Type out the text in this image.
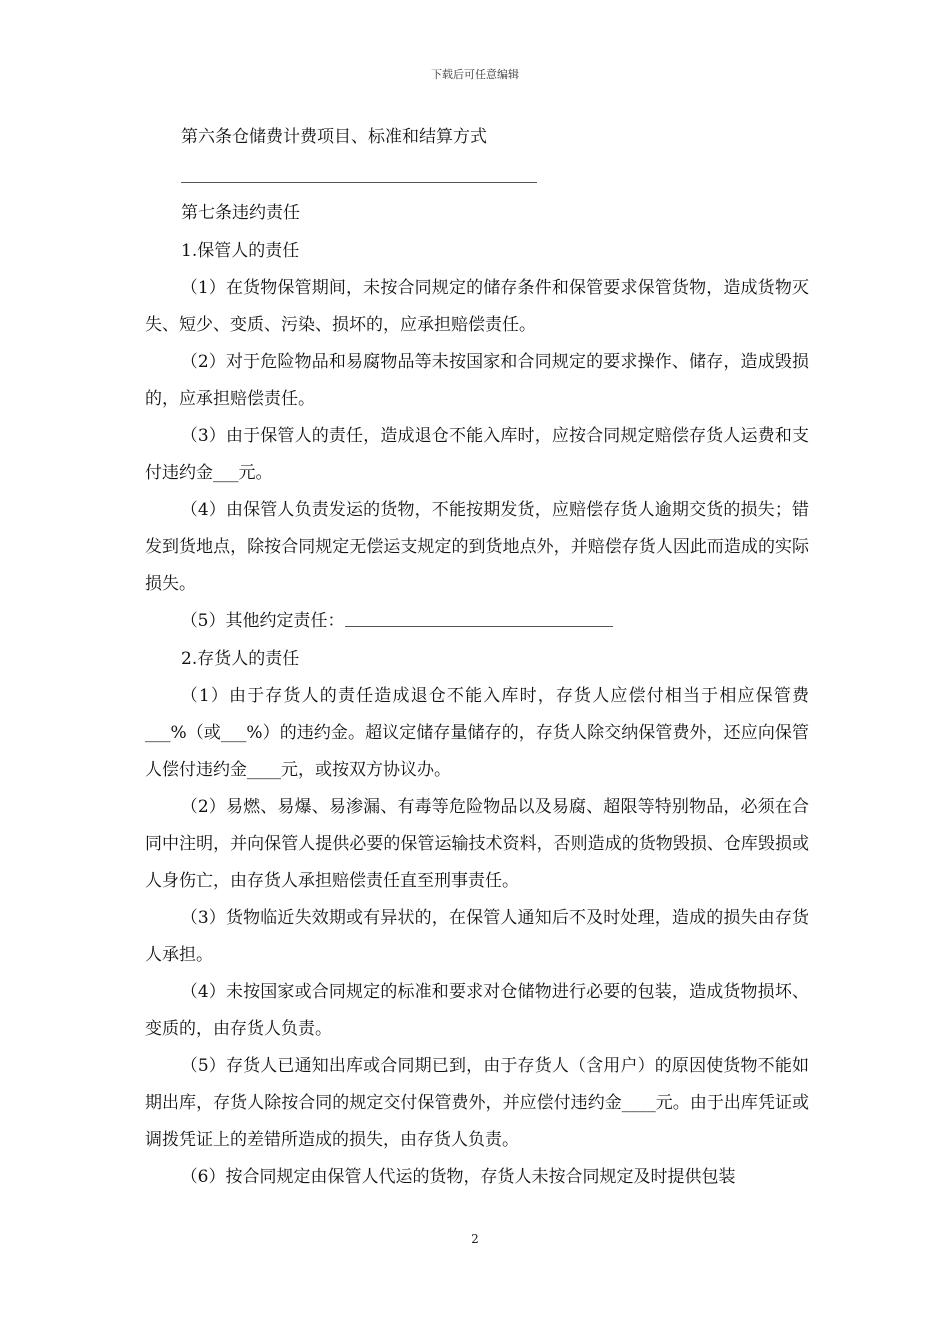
下载后可任意编辑
第六条仓储费计费项目、标准和结算方式
第七条违约责任
1.保管人的责任

（1）在货物保管期间，未按合同规定的储存条件和保管要求保管货物，造成货物灭失、短少、变质、污染、损坏的，应承担赔偿责任。

（2）对于危险物品和易腐物品等未按国家和合同规定的要求操作、储存，造成毁损的，应承担赔偿责任。

（3）由于保管人的责任，造成退仓不能入库时，应按合同规定赔偿存货人运费和支付违约金___元。

（4）由保管人负责发运的货物，不能按期发货，应赔偿存货人逾期交货的损失；错发到货地点，除按合同规定无偿运支规定的到货地点外，并赔偿存货人因此而造成的实际损失。

（5）其他约定责任：

2.存货人的责任

（1）由于存货人的责任造成退仓不能入库时，存货人应偿付相当于相应保管费___%（或___%）的违约金。超议定储存量储存的，存货人除交纳保管费外，还应向保管人偿付违约金____元，或按双方协议办。

（2）易燃、易爆、易渗漏、有毒等危险物品以及易腐、超限等特别物品，必须在合同中注明，并向保管人提供必要的保管运输技术资料，否则造成的货物毁损、仓库毁损或人身伤亡，由存货人承担赔偿责任直至刑事责任。

（3）货物临近失效期或有异状的，在保管人通知后不及时处理，造成的损失由存货人承担。

（4）未按国家或合同规定的标准和要求对仓储物进行必要的包装，造成货物损坏、变质的，由存货人负责。

（5）存货人已通知出库或合同期已到，由于存货人（含用户）的原因使货物不能如期出库，存货人除按合同的规定交付保管费外，并应偿付违约金____元。由于出库凭证或调拨凭证上的差错所造成的损失，由存货人负责。

（6）按合同规定由保管人代运的货物，存货人未按合同规定及时提供包装

2
